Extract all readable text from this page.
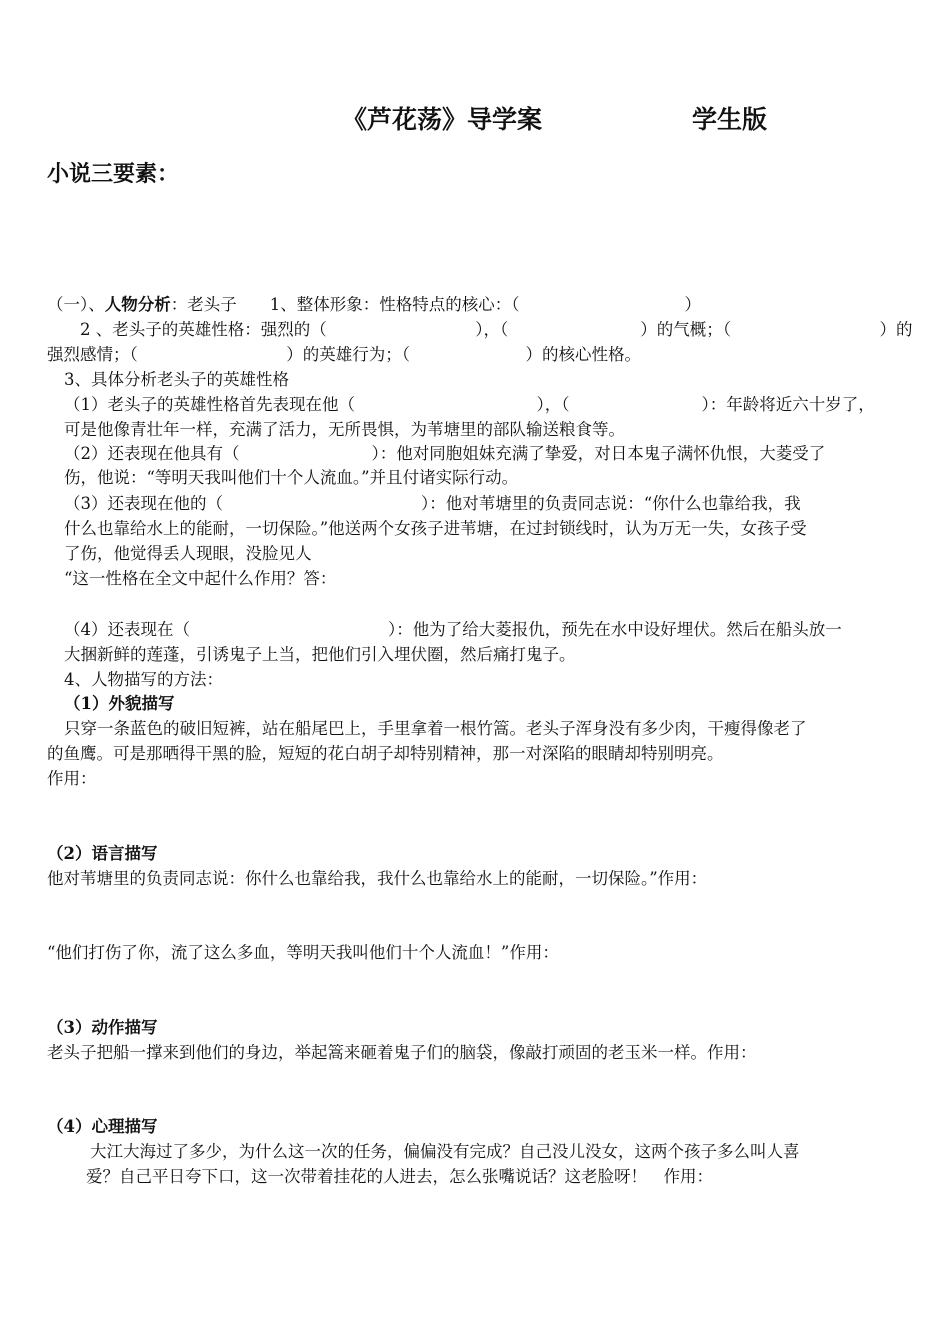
《芦花荡》导学案	学生版
小说三要素：
（一）、人物分析：老头子　　1、整体形象：性格特点的核心：（　　　　　　　　　　）
2 、老头子的英雄性格：强烈的（　　　　　　　　　），（　　　　　　　　）的气概；（　　　　　　　　　）的
强烈感情；（　　　　　　　　　）的英雄行为；（　　　　　　　）的核心性格。
3、具体分析老头子的英雄性格
（1）老头子的英雄性格首先表现在他（　　　　　　　　　　　），（　　　　　　　　）：年龄将近六十岁了，
可是他像青壮年一样，充满了活力，无所畏惧，为苇塘里的部队输送粮食等。
（2）还表现在他具有（　　　　　　　　）：他对同胞姐妹充满了挚爱，对日本鬼子满怀仇恨，大菱受了
伤，他说：“等明天我叫他们十个人流血。”并且付诸实际行动。
（3）还表现在他的（　　　　　　　　　　　　）：他对苇塘里的负责同志说：“你什么也靠给我，我
什么也靠给水上的能耐，一切保险。”他送两个女孩子进苇塘，在过封锁线时，认为万无一失，女孩子受
了伤，他觉得丢人现眼，没脸见人
“这一性格在全文中起什么作用？答：
（4）还表现在（　　　　　　　　　　　　）：他为了给大菱报仇，预先在水中设好埋伏。然后在船头放一
大捆新鲜的莲蓬，引诱鬼子上当，把他们引入埋伏圈，然后痛打鬼子。
4、人物描写的方法：
（1）外貌描写
只穿一条蓝色的破旧短裤，站在船尾巴上，手里拿着一根竹篙。老头子浑身没有多少肉，干瘦得像老了
的鱼鹰。可是那晒得干黑的脸，短短的花白胡子却特别精神，那一对深陷的眼睛却特别明亮。
作用：
（2）语言描写
他对苇塘里的负责同志说：你什么也靠给我，我什么也靠给水上的能耐，一切保险。”作用：
“他们打伤了你，流了这么多血，等明天我叫他们十个人流血！”作用：
（3）动作描写
老头子把船一撑来到他们的身边，举起篙来砸着鬼子们的脑袋，像敲打顽固的老玉米一样。作用：
（4）心理描写
大江大海过了多少，为什么这一次的任务，偏偏没有完成？自己没儿没女，这两个孩子多么叫人喜
爱？自己平日夸下口，这一次带着挂花的人进去，怎么张嘴说话？这老脸呀！　作用：
